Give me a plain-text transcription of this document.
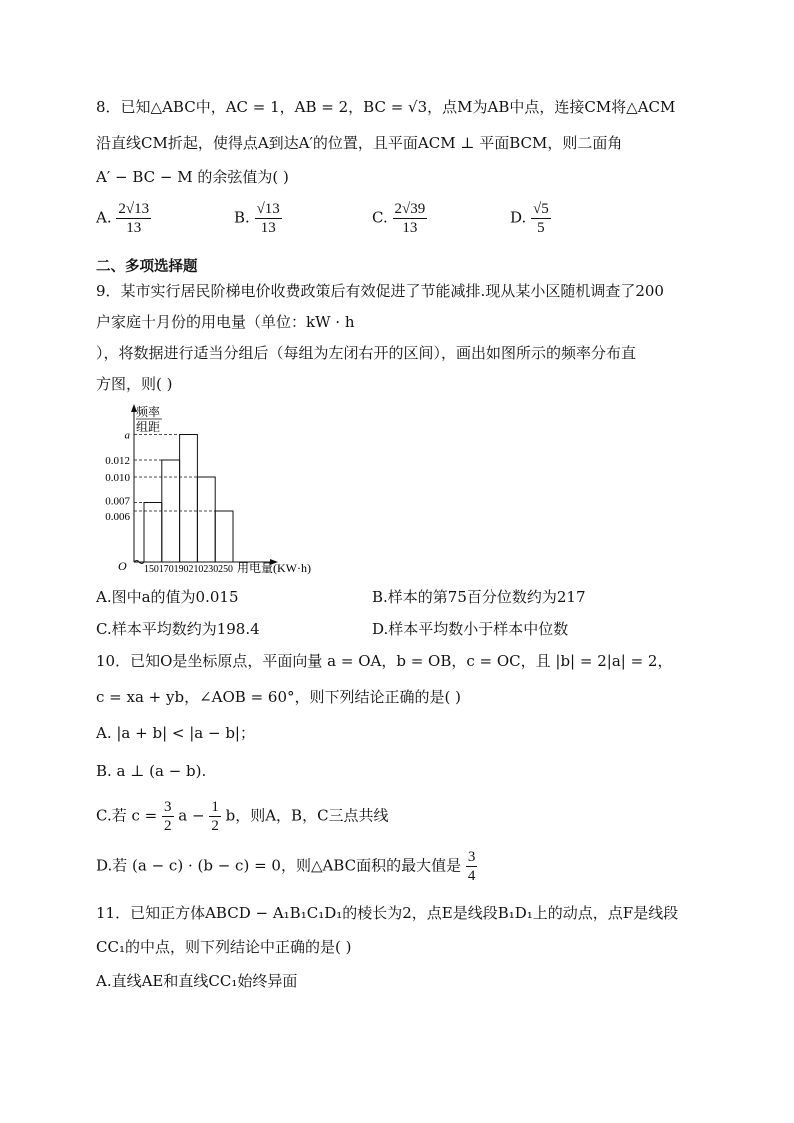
8．已知△ABC中，AC = 1，AB = 2，BC = √3，点M为AB中点，连接CM将△ACM
沿直线CM折起，使得点A到达A′的位置，且平面ACM ⊥ 平面BCM，则二面角
A′ − BC − M 的余弦值为( )
A. $\frac{2√13}{13}$	B. $\frac{√13}{13}$	C. $\frac{2√39}{13}$	D. $\frac{√5}{5}$
二、多项选择题
9．某市实行居民阶梯电价收费政策后有效促进了节能减排.现从某小区随机调查了200
户家庭十月份的用电量（单位：kW · h
），将数据进行适当分组后（每组为左闭右开的区间），画出如图所示的频率分布直
方图，则( )
频率
组距
O 150170190210230250 用电量(KW·h)
a
0.012
0.010
0.007
0.006
A.图中a的值为0.015	B.样本的第75百分位数约为217
C.样本平均数约为198.4	D.样本平均数小于样本中位数
10．已知O是坐标原点，平面向量 a = OA，b = OB，c = OC，且 |b| = 2|a| = 2，
c = xa + yb，∠AOB = 60°，则下列结论正确的是( )
A. |a + b| < |a − b|；
B. a ⊥ (a − b).
C.若 $c = \frac{3}{2}$ $a - \frac{1}{2}$ b，则A，B，C三点共线
D.若 (a − c) · (b − c) = 0，则△ABC面积的最大值是 $\frac{3}{4}$
11．已知正方体ABCD − A₁B₁C₁D₁的棱长为2，点E是线段B₁D₁上的动点，点F是线段
CC₁的中点，则下列结论中正确的是( )
A.直线AE和直线CC₁始终异面
